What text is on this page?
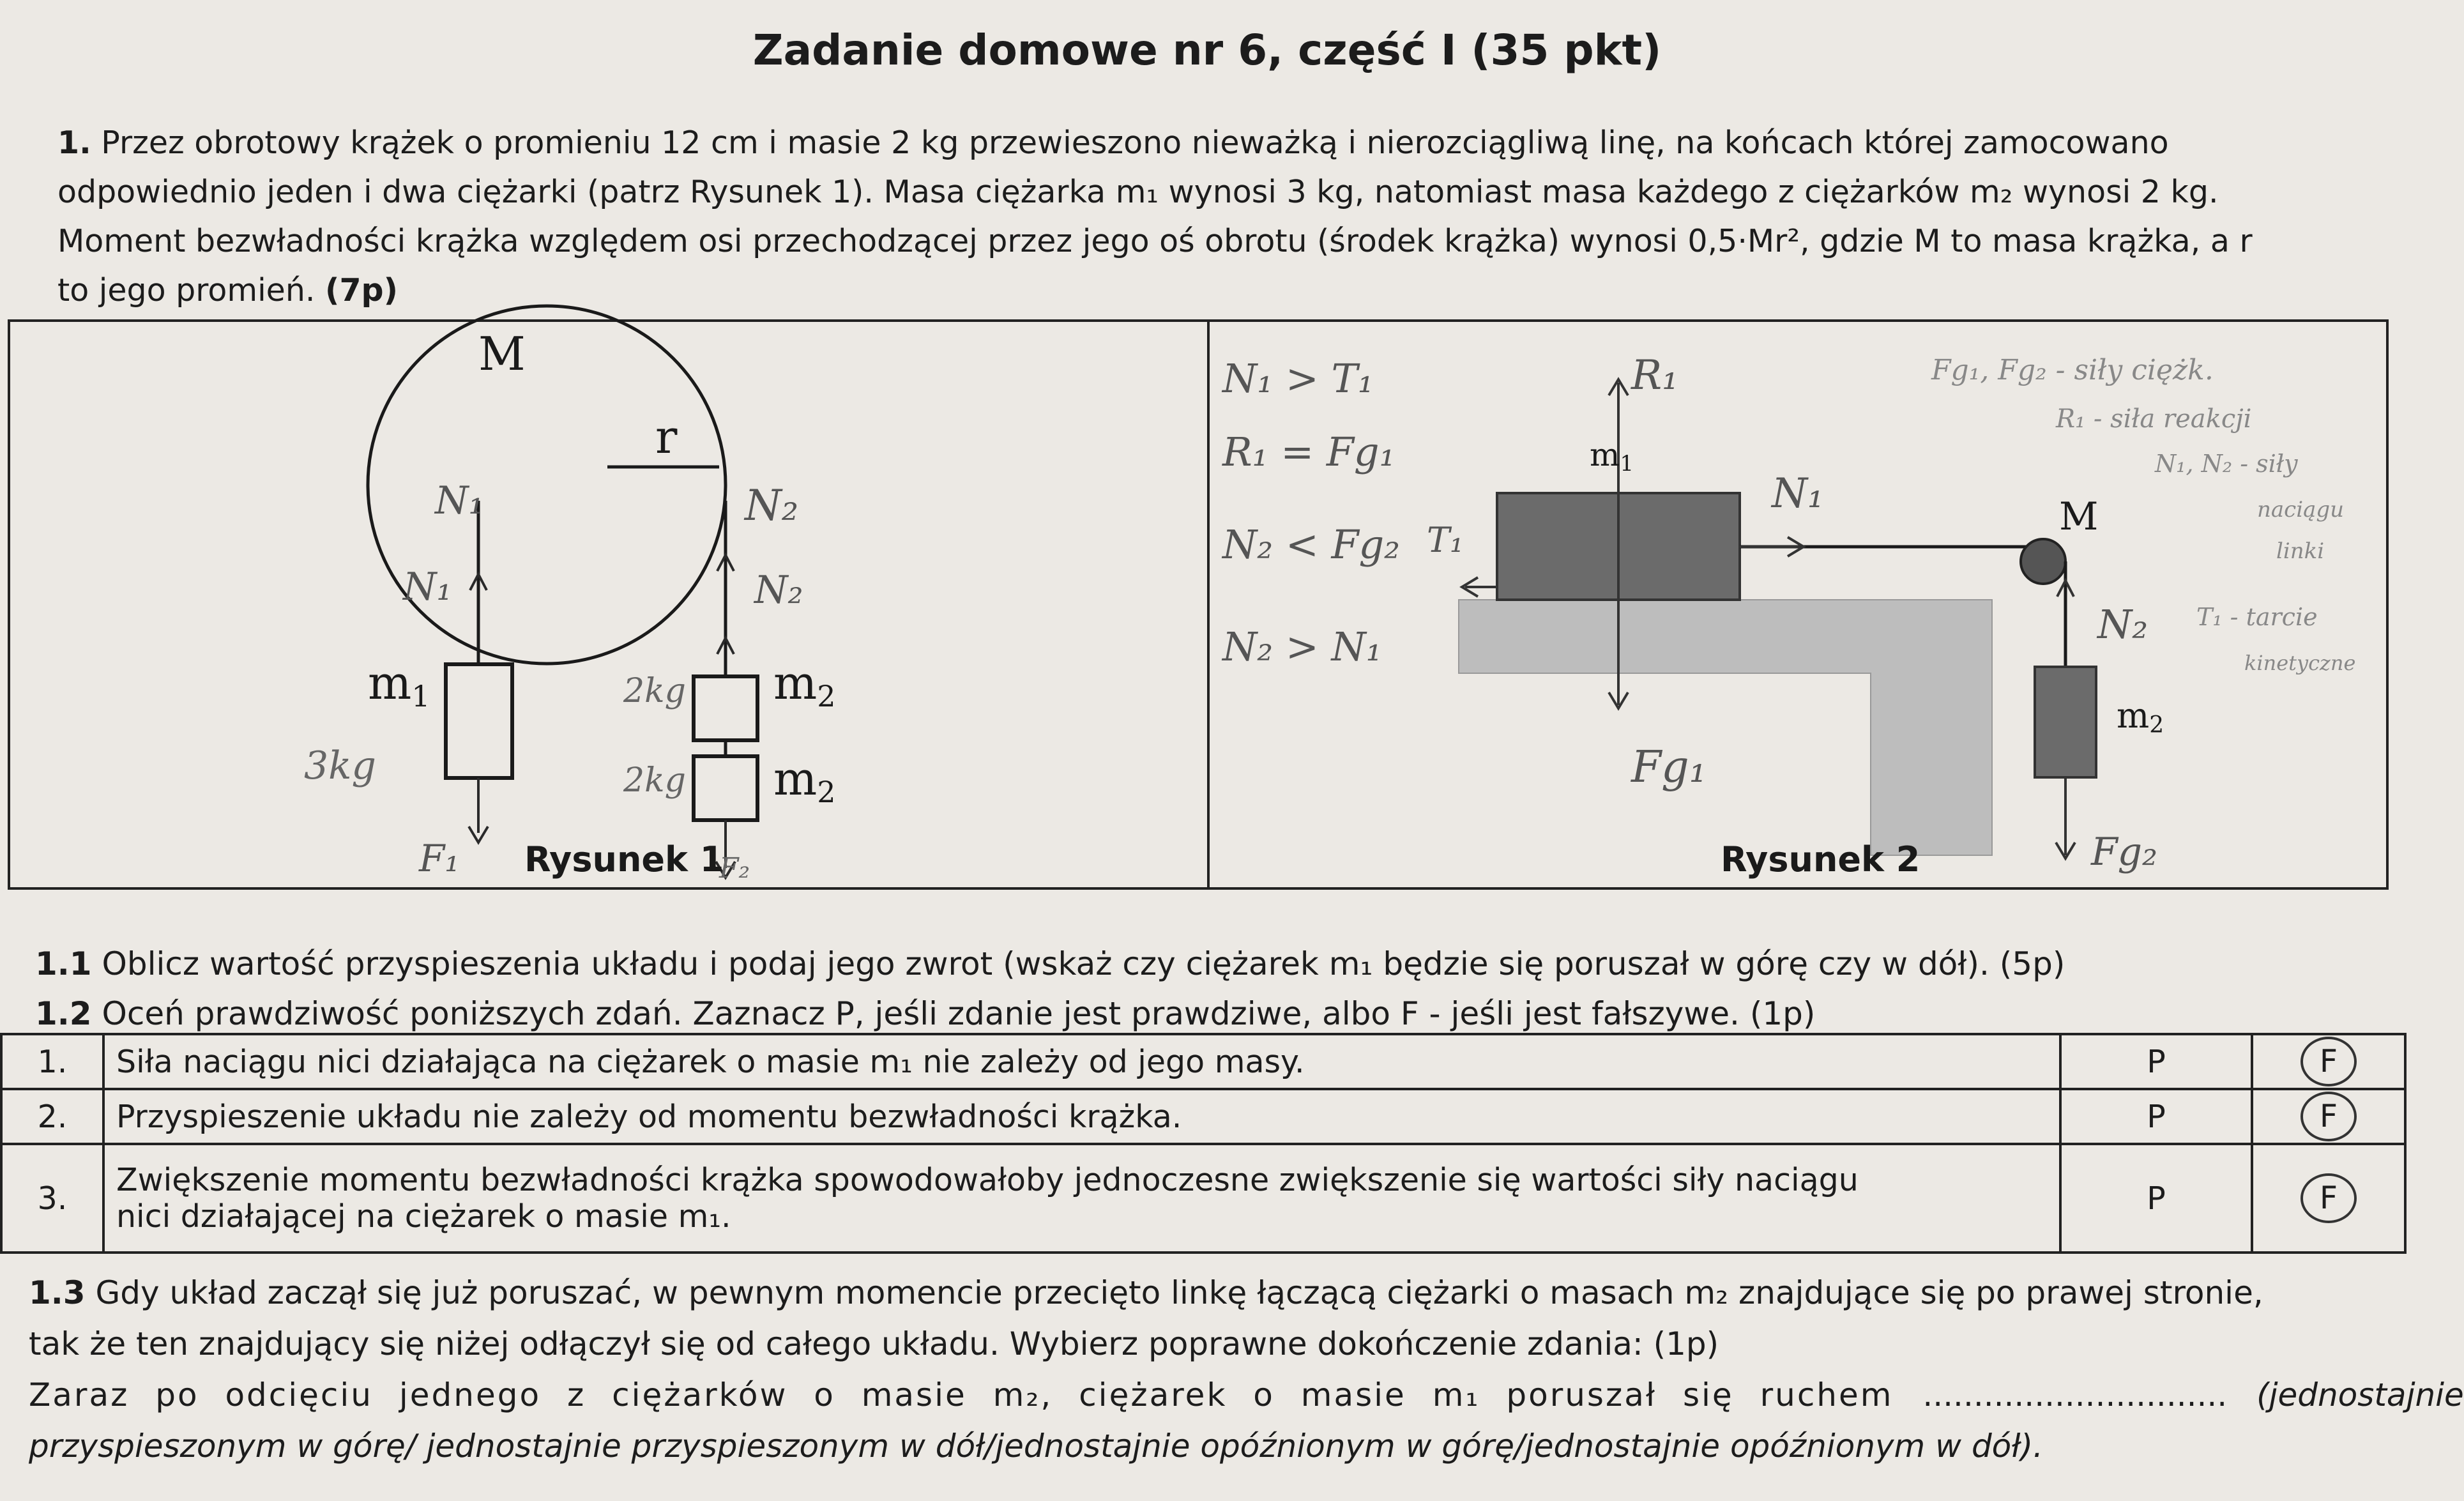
Zadanie domowe nr 6, część I (35 pkt)
1. Przez obrotowy krążek o promieniu 12 cm i masie 2 kg przewieszono nieważką i nierozciągliwą linę, na końcach której zamocowano
odpowiednio jeden i dwa ciężarki (patrz Rysunek 1). Masa ciężarka m₁ wynosi 3 kg, natomiast masa każdego z ciężarków m₂ wynosi 2 kg.
Moment bezwładności krążka względem osi przechodzącej przez jego oś obrotu (środek krążka) wynosi 0,5·Mr², gdzie M to masa krążka, a r
to jego promień. (7p)
M
r
m1	m2
m2
N₁
N₁
N₂
N₂
3kg
F₁
2kg
2kg
F₂
Rysunek 1
m1
M
m2
N₁ > T₁
R₁ = Fg₁
N₂ < Fg₂
N₂ > N₁
R₁
T₁
N₁
N₂
Fg₁
Fg₂
Fg₁, Fg₂ - siły ciężk.
R₁ - siła reakcji
N₁, N₂ - siły
naciągu
linki
T₁ - tarcie
kinetyczne
Rysunek 2
1.1 Oblicz wartość przyspieszenia układu i podaj jego zwrot (wskaż czy ciężarek m₁ będzie się poruszał w górę czy w dół). (5p)
1.2 Oceń prawdziwość poniższych zdań. Zaznacz P, jeśli zdanie jest prawdziwe, albo F - jeśli jest fałszywe. (1p)
1.	Siła naciągu nici działająca na ciężarek o masie m₁ nie zależy od jego masy.	P	F
2.	Przyspieszenie układu nie zależy od momentu bezwładności krążka.	P	F
3.	Zwiększenie momentu bezwładności krążka spowodowałoby jednoczesne zwiększenie się wartości siły naciągu
nici działającej na ciężarek o masie m₁.	P	F
1.3 Gdy układ zaczął się już poruszać, w pewnym momencie przecięto linkę łączącą ciężarki o masach m₂ znajdujące się po prawej stronie,
tak że ten znajdujący się niżej odłączył się od całego układu. Wybierz poprawne dokończenie zdania: (1p)
Zaraz po odcięciu jednego z ciężarków o masie m₂, ciężarek o masie m₁ poruszał się ruchem .............................. (jednostajnie
przyspieszonym w górę/ jednostajnie przyspieszonym w dół/jednostajnie opóźnionym w górę/jednostajnie opóźnionym w dół).
